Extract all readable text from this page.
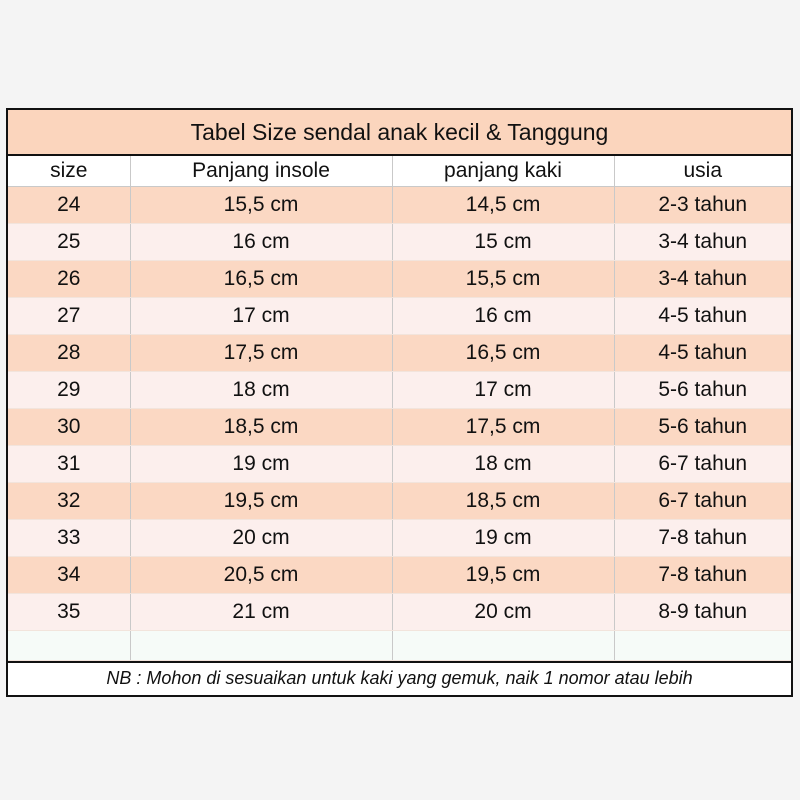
Tabel Size sendal anak kecil & Tanggung
size	Panjang insole	panjang kaki	usia
24	15,5 cm	14,5 cm	2-3 tahun
25	16 cm	15 cm	3-4 tahun
26	16,5 cm	15,5 cm	3-4 tahun
27	17 cm	16 cm	4-5 tahun
28	17,5 cm	16,5 cm	4-5 tahun
29	18 cm	17 cm	5-6 tahun
30	18,5 cm	17,5 cm	5-6 tahun
31	19 cm	18 cm	6-7 tahun
32	19,5 cm	18,5 cm	6-7 tahun
33	20 cm	19 cm	7-8 tahun
34	20,5 cm	19,5 cm	7-8 tahun
35	21 cm	20 cm	8-9 tahun

NB : Mohon di sesuaikan untuk kaki yang gemuk, naik 1 nomor atau lebih
